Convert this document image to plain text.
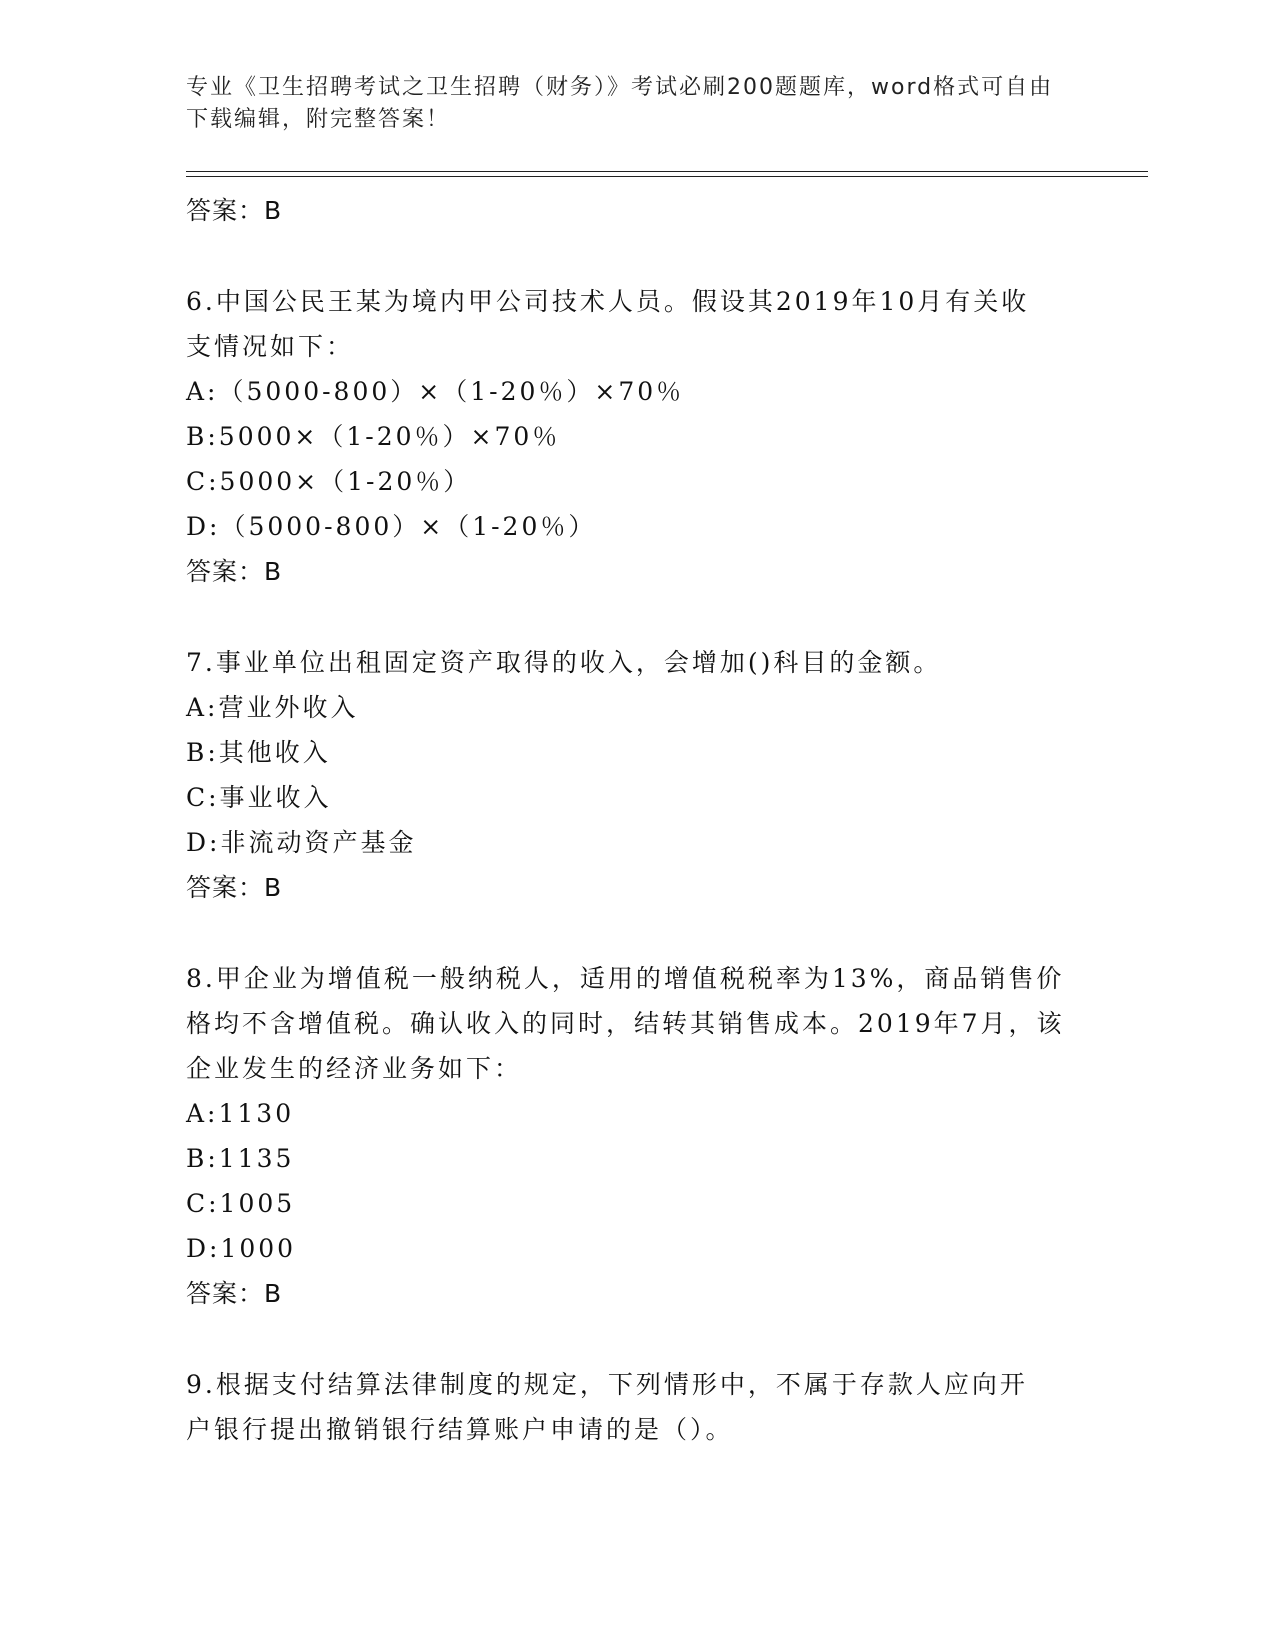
专业《卫生招聘考试之卫生招聘（财务）》考试必刷200题题库，word格式可自由下载编辑，附完整答案！
答案：B
6.中国公民王某为境内甲公司技术人员。假设其2019年10月有关收支情况如下：
A:（5000-800）×（1-20％）×70％
B:5000×（1-20％）×70％
C:5000×（1-20％）
D:（5000-800）×（1-20％）
答案：B
7.事业单位出租固定资产取得的收入，会增加()科目的金额。
A:营业外收入
B:其他收入
C:事业收入
D:非流动资产基金
答案：B
8.甲企业为增值税一般纳税人，适用的增值税税率为13%，商品销售价格均不含增值税。确认收入的同时，结转其销售成本。2019年7月，该企业发生的经济业务如下：
A:1130
B:1135
C:1005
D:1000
答案：B
9.根据支付结算法律制度的规定，下列情形中，不属于存款人应向开户银行提出撤销银行结算账户申请的是（）。
